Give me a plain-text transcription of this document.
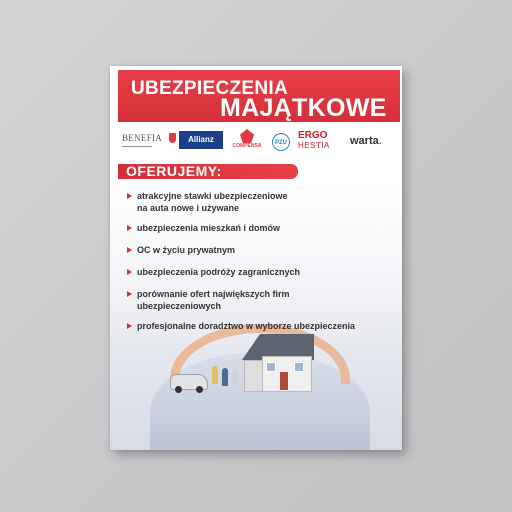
UBEZPIECZENIA
MAJĄTKOWE
BENEFIA
▬▬▬▬▬▬▬▬▬▬
Allianz
COMPENSA	PZU
ERGO
HESTIA	warta.
OFERUJEMY:
atrakcyjne stawki ubezpieczeniowe
na auta nowe i używane
ubezpieczenia mieszkań i domów
OC w życiu prywatnym
ubezpieczenia podróży zagranicznych
porównanie ofert największych firm
ubezpieczeniowych
profesjonalne doradztwo w wyborze ubezpieczenia
